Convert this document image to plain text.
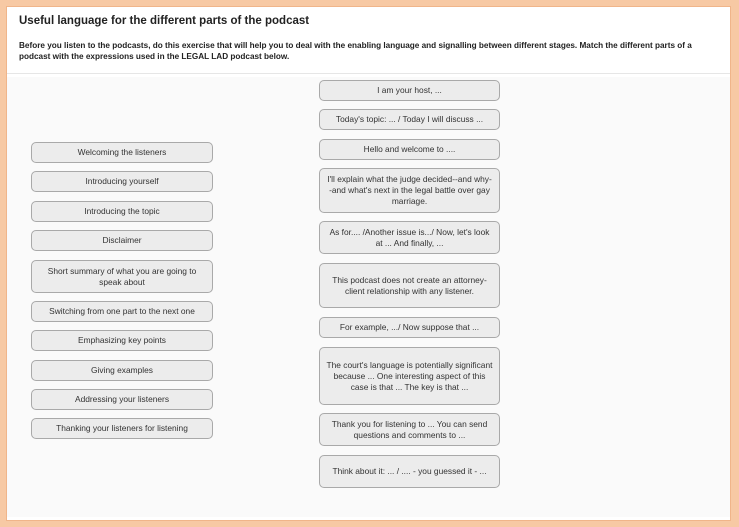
Useful language for the different parts of the podcast
Before you listen to the podcasts, do this exercise that will help you to deal with the enabling language and signalling between different stages. Match the different parts of a podcast with the expressions used in the LEGAL LAD podcast below.
Welcoming the listeners
Introducing yourself
Introducing the topic
Disclaimer
Short summary of what you are going to speak about
Switching from one part to the next one
Emphasizing key points
Giving examples
Addressing your listeners
Thanking your listeners for listening
I am your host, ...
Today's topic: ... / Today I will discuss ...
Hello and welcome to ....
I'll explain what the judge decided--and why--and what's next in the legal battle over gay marriage.
As for.... /Another issue is.../ Now, let's look at ... And finally, ...
This podcast does not create an attorney-client relationship with any listener.
For example, .../ Now suppose that ...
The court's language is potentially significant because ... One interesting aspect of this case is that ... The key is that ...
Thank you for listening to ... You can send questions and comments to ...
Think about it: ... / .... - you guessed it - ...
